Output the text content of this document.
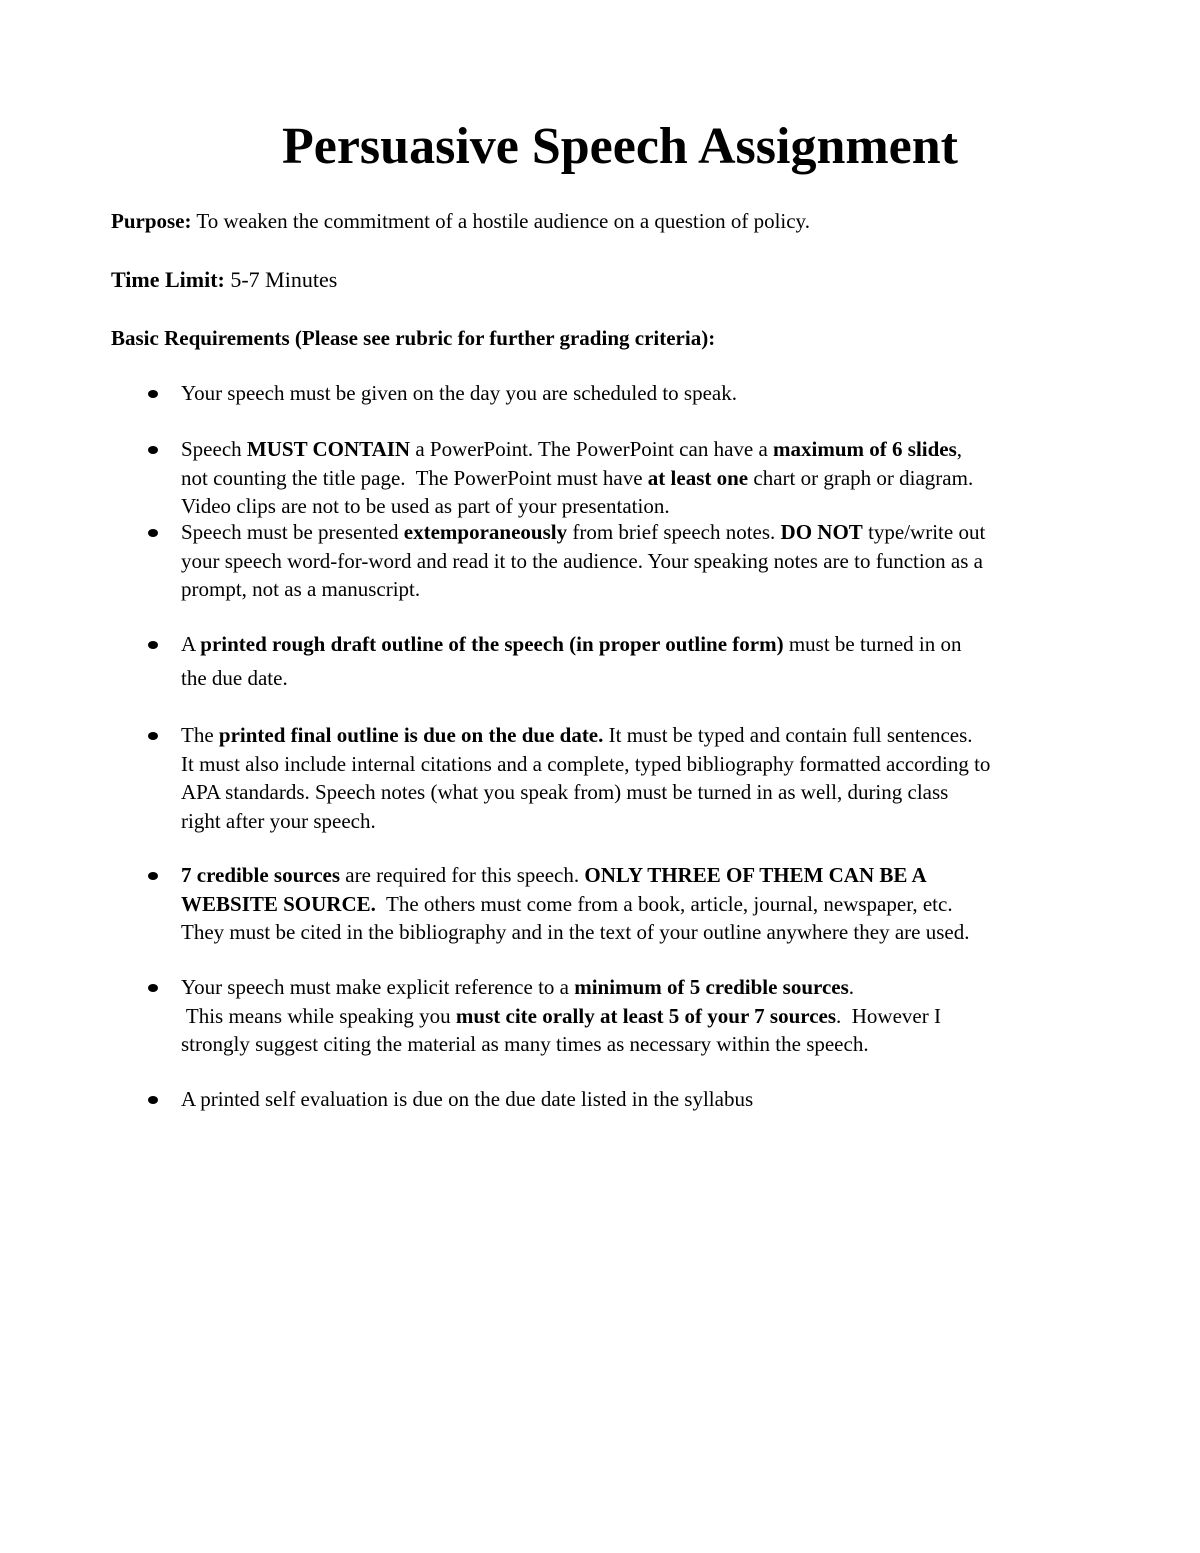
Persuasive Speech Assignment

Purpose: To weaken the commitment of a hostile audience on a question of policy.

Time Limit: 5-7 Minutes

Basic Requirements (Please see rubric for further grading criteria):

Your speech must be given on the day you are scheduled to speak.
Speech MUST CONTAIN a PowerPoint. The PowerPoint can have a maximum of 6 slides,
not counting the title page.  The PowerPoint must have at least one chart or graph or diagram.
Video clips are not to be used as part of your presentation.
Speech must be presented extemporaneously from brief speech notes. DO NOT type/write out
your speech word-for-word and read it to the audience. Your speaking notes are to function as a
prompt, not as a manuscript.
A printed rough draft outline of the speech (in proper outline form) must be turned in on
the due date.
The printed final outline is due on the due date. It must be typed and contain full sentences.
It must also include internal citations and a complete, typed bibliography formatted according to
APA standards. Speech notes (what you speak from) must be turned in as well, during class
right after your speech.
7 credible sources are required for this speech. ONLY THREE OF THEM CAN BE A
WEBSITE SOURCE.  The others must come from a book, article, journal, newspaper, etc.
They must be cited in the bibliography and in the text of your outline anywhere they are used.
Your speech must make explicit reference to a minimum of 5 credible sources.
This means while speaking you must cite orally at least 5 of your 7 sources.  However I
strongly suggest citing the material as many times as necessary within the speech.
A printed self evaluation is due on the due date listed in the syllabus
